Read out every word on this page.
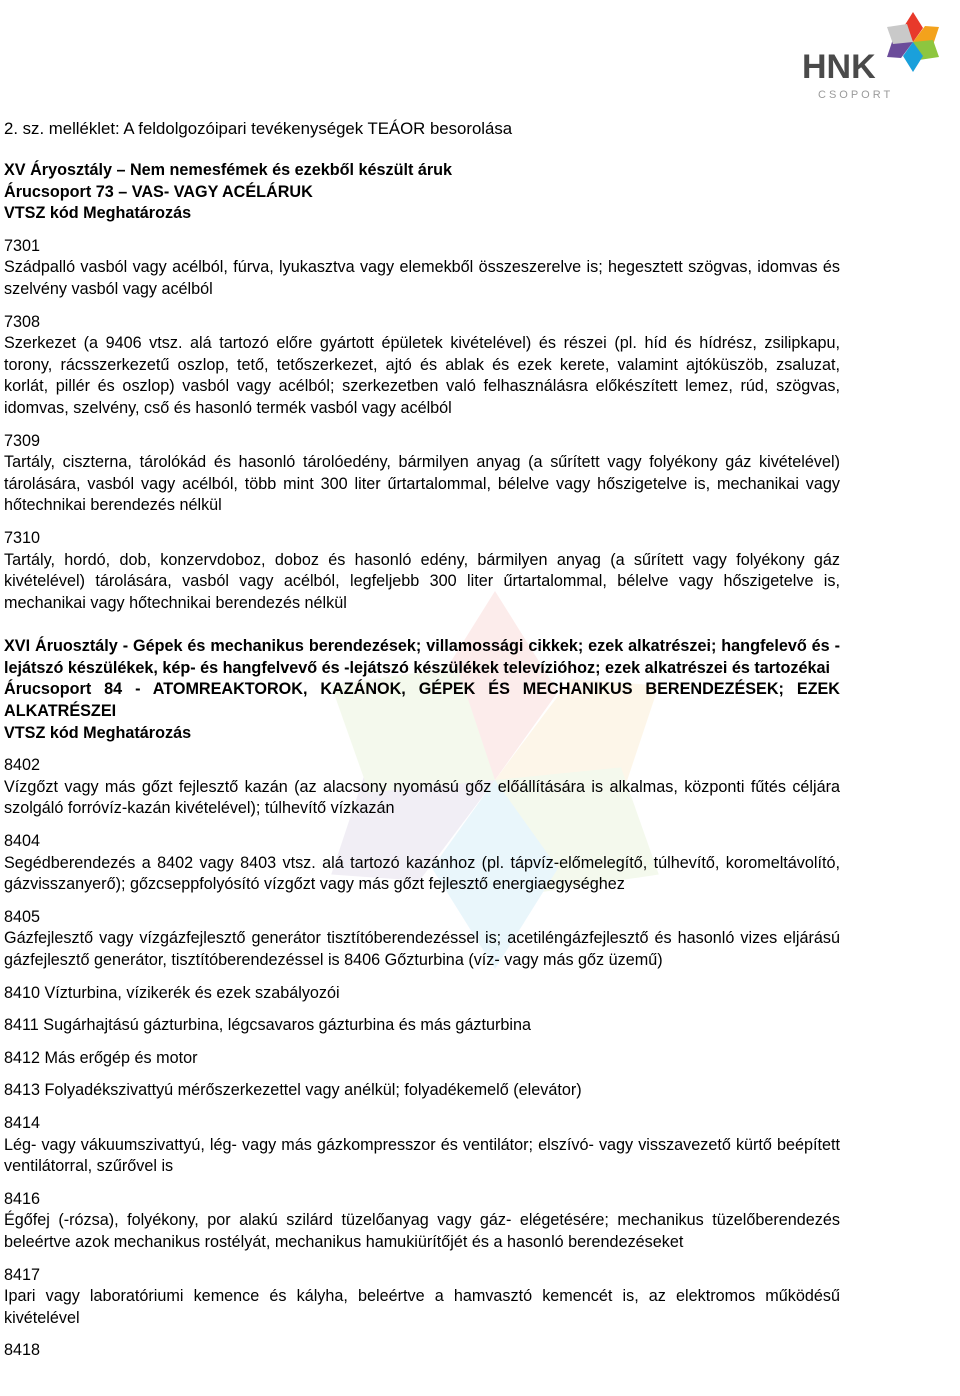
HNK
CSOPORT

2. sz. melléklet: A feldolgozóipari tevékenységek TEÁOR besorolása

XV Árуosztály – Nem nemesfémek és ezekből készült áruk

Árucsoport 73 – VAS- VAGY ACÉLÁRUK

VTSZ kód Meghatározás

7301

Szádpalló vasból vagy acélból, fúrva, lyukasztva vagy elemekből összeszerelve is; hegesztett szögvas, idomvas és szelvény vasból vagy acélból

7308

Szerkezet (a 9406 vtsz. alá tartozó előre gyártott épületek kivételével) és részei (pl. híd és hídrész, zsilipkapu, torony, rácsszerkezetű oszlop, tető, tetőszerkezet, ajtó és ablak és ezek kerete, valamint ajtóküszöb, zsaluzat, korlát, pillér és oszlop) vasból vagy acélból; szerkezetben való felhasználásra előkészített lemez, rúd, szögvas, idomvas, szelvény, cső és hasonló termék vasból vagy acélból

7309

Tartály, ciszterna, tárolókád és hasonló tárolóedény, bármilyen anyag (a sűrített vagy folyékony gáz kivételével) tárolására, vasból vagy acélból, több mint 300 liter űrtartalommal, bélelve vagy hőszigetelve is, mechanikai vagy hőtechnikai berendezés nélkül

7310

Tartály, hordó, dob, konzervdoboz, doboz és hasonló edény, bármilyen anyag (a sűrített vagy folyékony gáz kivételével) tárolására, vasból vagy acélból, legfeljebb 300 liter űrtartalommal, bélelve vagy hőszigetelve is, mechanikai vagy hőtechnikai berendezés nélkül

XVI Áruosztály - Gépek és mechanikus berendezések; villamossági cikkek; ezek alkatrészei; hangfelevő és -lejátszó készülékek, kép- és hangfelvevő és -lejátszó készülékek televízióhoz; ezek alkatrészei és tartozékai

Árucsoport 84 - ATOMREAKTOROK, KAZÁNOK, GÉPEK ÉS MECHANIKUS BERENDEZÉSEK; EZEK ALKATRÉSZEI

VTSZ kód Meghatározás

8402

Vízgőzt vagy más gőzt fejlesztő kazán (az alacsony nyomású gőz előállítására is alkalmas, központi fűtés céljára szolgáló forróvíz-kazán kivételével); túlhevítő vízkazán

8404

Segédberendezés a 8402 vagy 8403 vtsz. alá tartozó kazánhoz (pl. tápvíz-előmelegítő, túlhevítő, koromeltávolító, gázvisszanyerő); gőzcseppfolyósító vízgőzt vagy más gőzt fejlesztő energiaegységhez

8405

Gázfejlesztő vagy vízgázfejlesztő generátor tisztítóberendezéssel is; acetiléngázfejlesztő és hasonló vizes eljárású gázfejlesztő generátor, tisztítóberendezéssel is 8406 Gőzturbina (víz- vagy más gőz üzemű)

8410 Vízturbina, vízikerék és ezek szabályozói

8411 Sugárhajtású gázturbina, légcsavaros gázturbina és más gázturbina

8412 Más erőgép és motor

8413 Folyadékszivattyú mérőszerkezettel vagy anélkül; folyadékemelő (elevátor)

8414

Lég- vagy vákuumszivattyú, lég- vagy más gázkompresszor és ventilátor; elszívó- vagy visszavezető kürtő beépített ventilátorral, szűrővel is

8416

Égőfej (-rózsa), folyékony, por alakú szilárd tüzelőanyag vagy gáz- elégetésére; mechanikus tüzelőberendezés beleértve azok mechanikus rostélyát, mechanikus hamukiürítőjét és a hasonló berendezéseket

8417

Ipari vagy laboratóriumi kemence és kályha, beleértve a hamvasztó kemencét is, az elektromos működésű kivételével

8418
